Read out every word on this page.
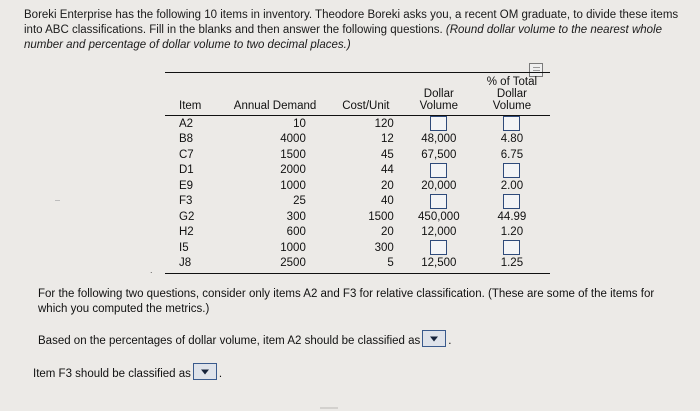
Boreki Enterprise has the following 10 items in inventory. Theodore Boreki asks you, a recent OM graduate, to divide these items into ABC classifications. Fill in the blanks and then answer the following questions. (Round dollar volume to the nearest whole number and percentage of dollar volume to two decimal places.)
.

			Dollar	% of Total Dollar
Item	Annual Demand	Cost/Unit	Volume	Volume

A2	10	120		
B8	4000	12	48,000	4.80
C7	1500	45	67,500	6.75
D1	2000	44		
E9	1000	20	20,000	2.00
F3	25	40		
G2	300	1500	450,000	44.99
H2	600	20	12,000	1.20
I5	1000	300		
J8	2500	5	12,500	1.25

For the following two questions, consider only items A2 and F3 for relative classification. (These are some of the items for which you computed the metrics.)
Based on the percentages of dollar volume, item A2 should be classified as .
Item F3 should be classified as .
